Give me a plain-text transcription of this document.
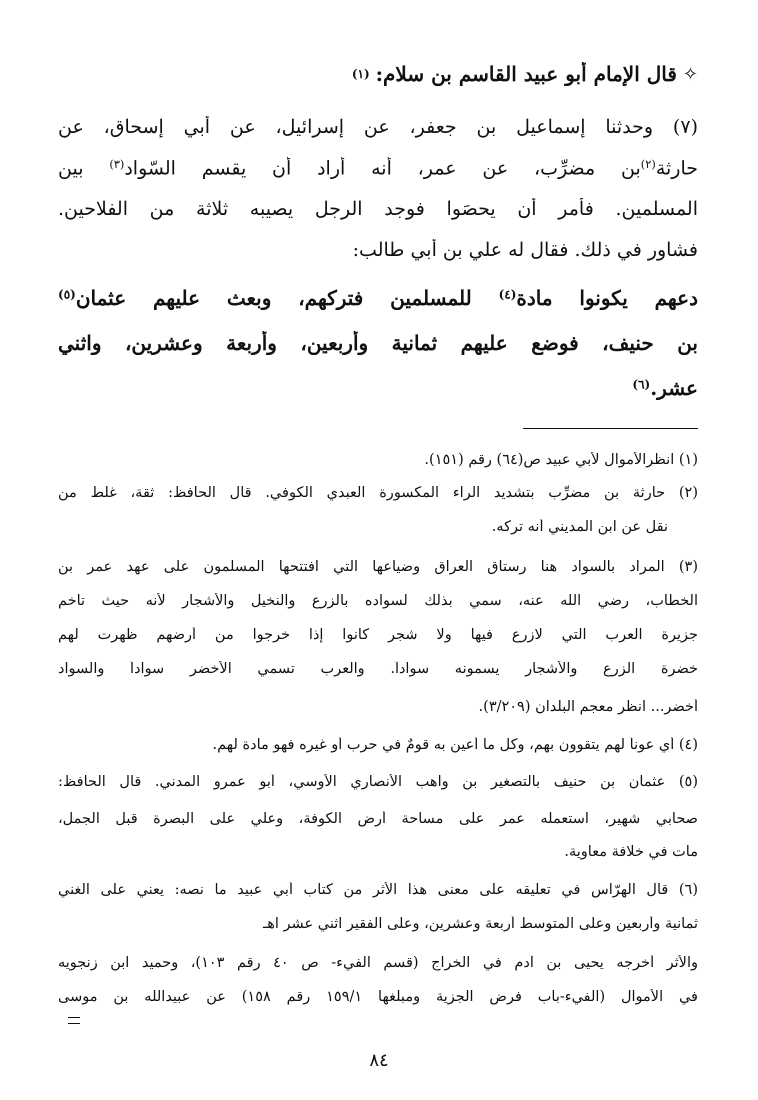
✧
قال الإمام أبو عبيد القاسم بن سلام:
(١)
(٧) وحدثنا إسماعيل بن جعفر، عن إسرائيل، عن أبي إسحاق، عن
حارثة$^{(٢)}$بن مضرِّب، عن عمر، أنه أراد أن يقسم السّواد$^{(٣)}$ بين
المسلمين. فأمر أن يحصَوا فوجد الرجل يصيبه ثلاثة من الفلاحين.
فشاور في ذلك. فقال له علي بن أبي طالب:
دعهم يكونوا مادة$^{(٤)}$ للمسلمين فتركهم، وبعث عليهم عثمان$^{(٥)}$
بن حنيف، فوضع عليهم ثمانية وأربعين، وأربعة وعشرين، واثني
عشر.$^{(٦)}$
(١) انظرالأموال لأبي عبيد ص(٦٤) رقم (١٥١).
(٢) حارثة بن مضرِّب بتشديد الراء المكسورة العبدي الكوفي. قال الحافظ: ثقة، غلط من
نقل عن ابن المديني أنه تركه.
(٣) المراد بالسواد هنا رستاق العراق وضياعها التي افتتحها المسلمون على عهد عمر بن
الخطاب، رضي الله عنه، سمي بذلك لسواده بالزرع والنخيل والأشجار لأنه حيث تاخم
جزيرة العرب التي لازرع فيها ولا شجر كانوا إذا خرجوا من أرضهم ظهرت لهم
خضرة الزرع والأشجار يسمونه سواداً. والعرب تسمي الأخضر سواداً والسواد
أخضر... انظر معجم البلدان (٣/٢٠٩).
(٤) أي عوناً لهم يتقوون بهم، وكل ما أُعين به قومٌ في حرب أو غيره فهو مادة لهم.
(٥) عثمان بن حنيف بالتصغير بن واهب الأنصاري الأوسي، أبو عمرو المدني. قال الحافظ:
صحابي شهير، استعمله عمر على مساحة أرض الكوفة، وعلي على البصرة قبل الجمل،
مات في خلافة معاوية.
(٦) قال الهرّاس في تعليقه على معنى هذا الأثر من كتاب أبي عبيد ما نصه: يعني على الغني
ثمانية وأربعين وعلى المتوسط أربعة وعشرين، وعلى الفقير اثني عشر اهـ
والأثر أخرجه يحيى بن آدم في الخراج (قسم الفيء- ص ٤٠ رقم ١٠٣)، وحميد ابن زنجويه
في الأموال (الفيء-باب فرض الجزية ومبلغها ١٥٩/١ رقم ١٥٨) عن عبيدالله بن موسى
٨٤
